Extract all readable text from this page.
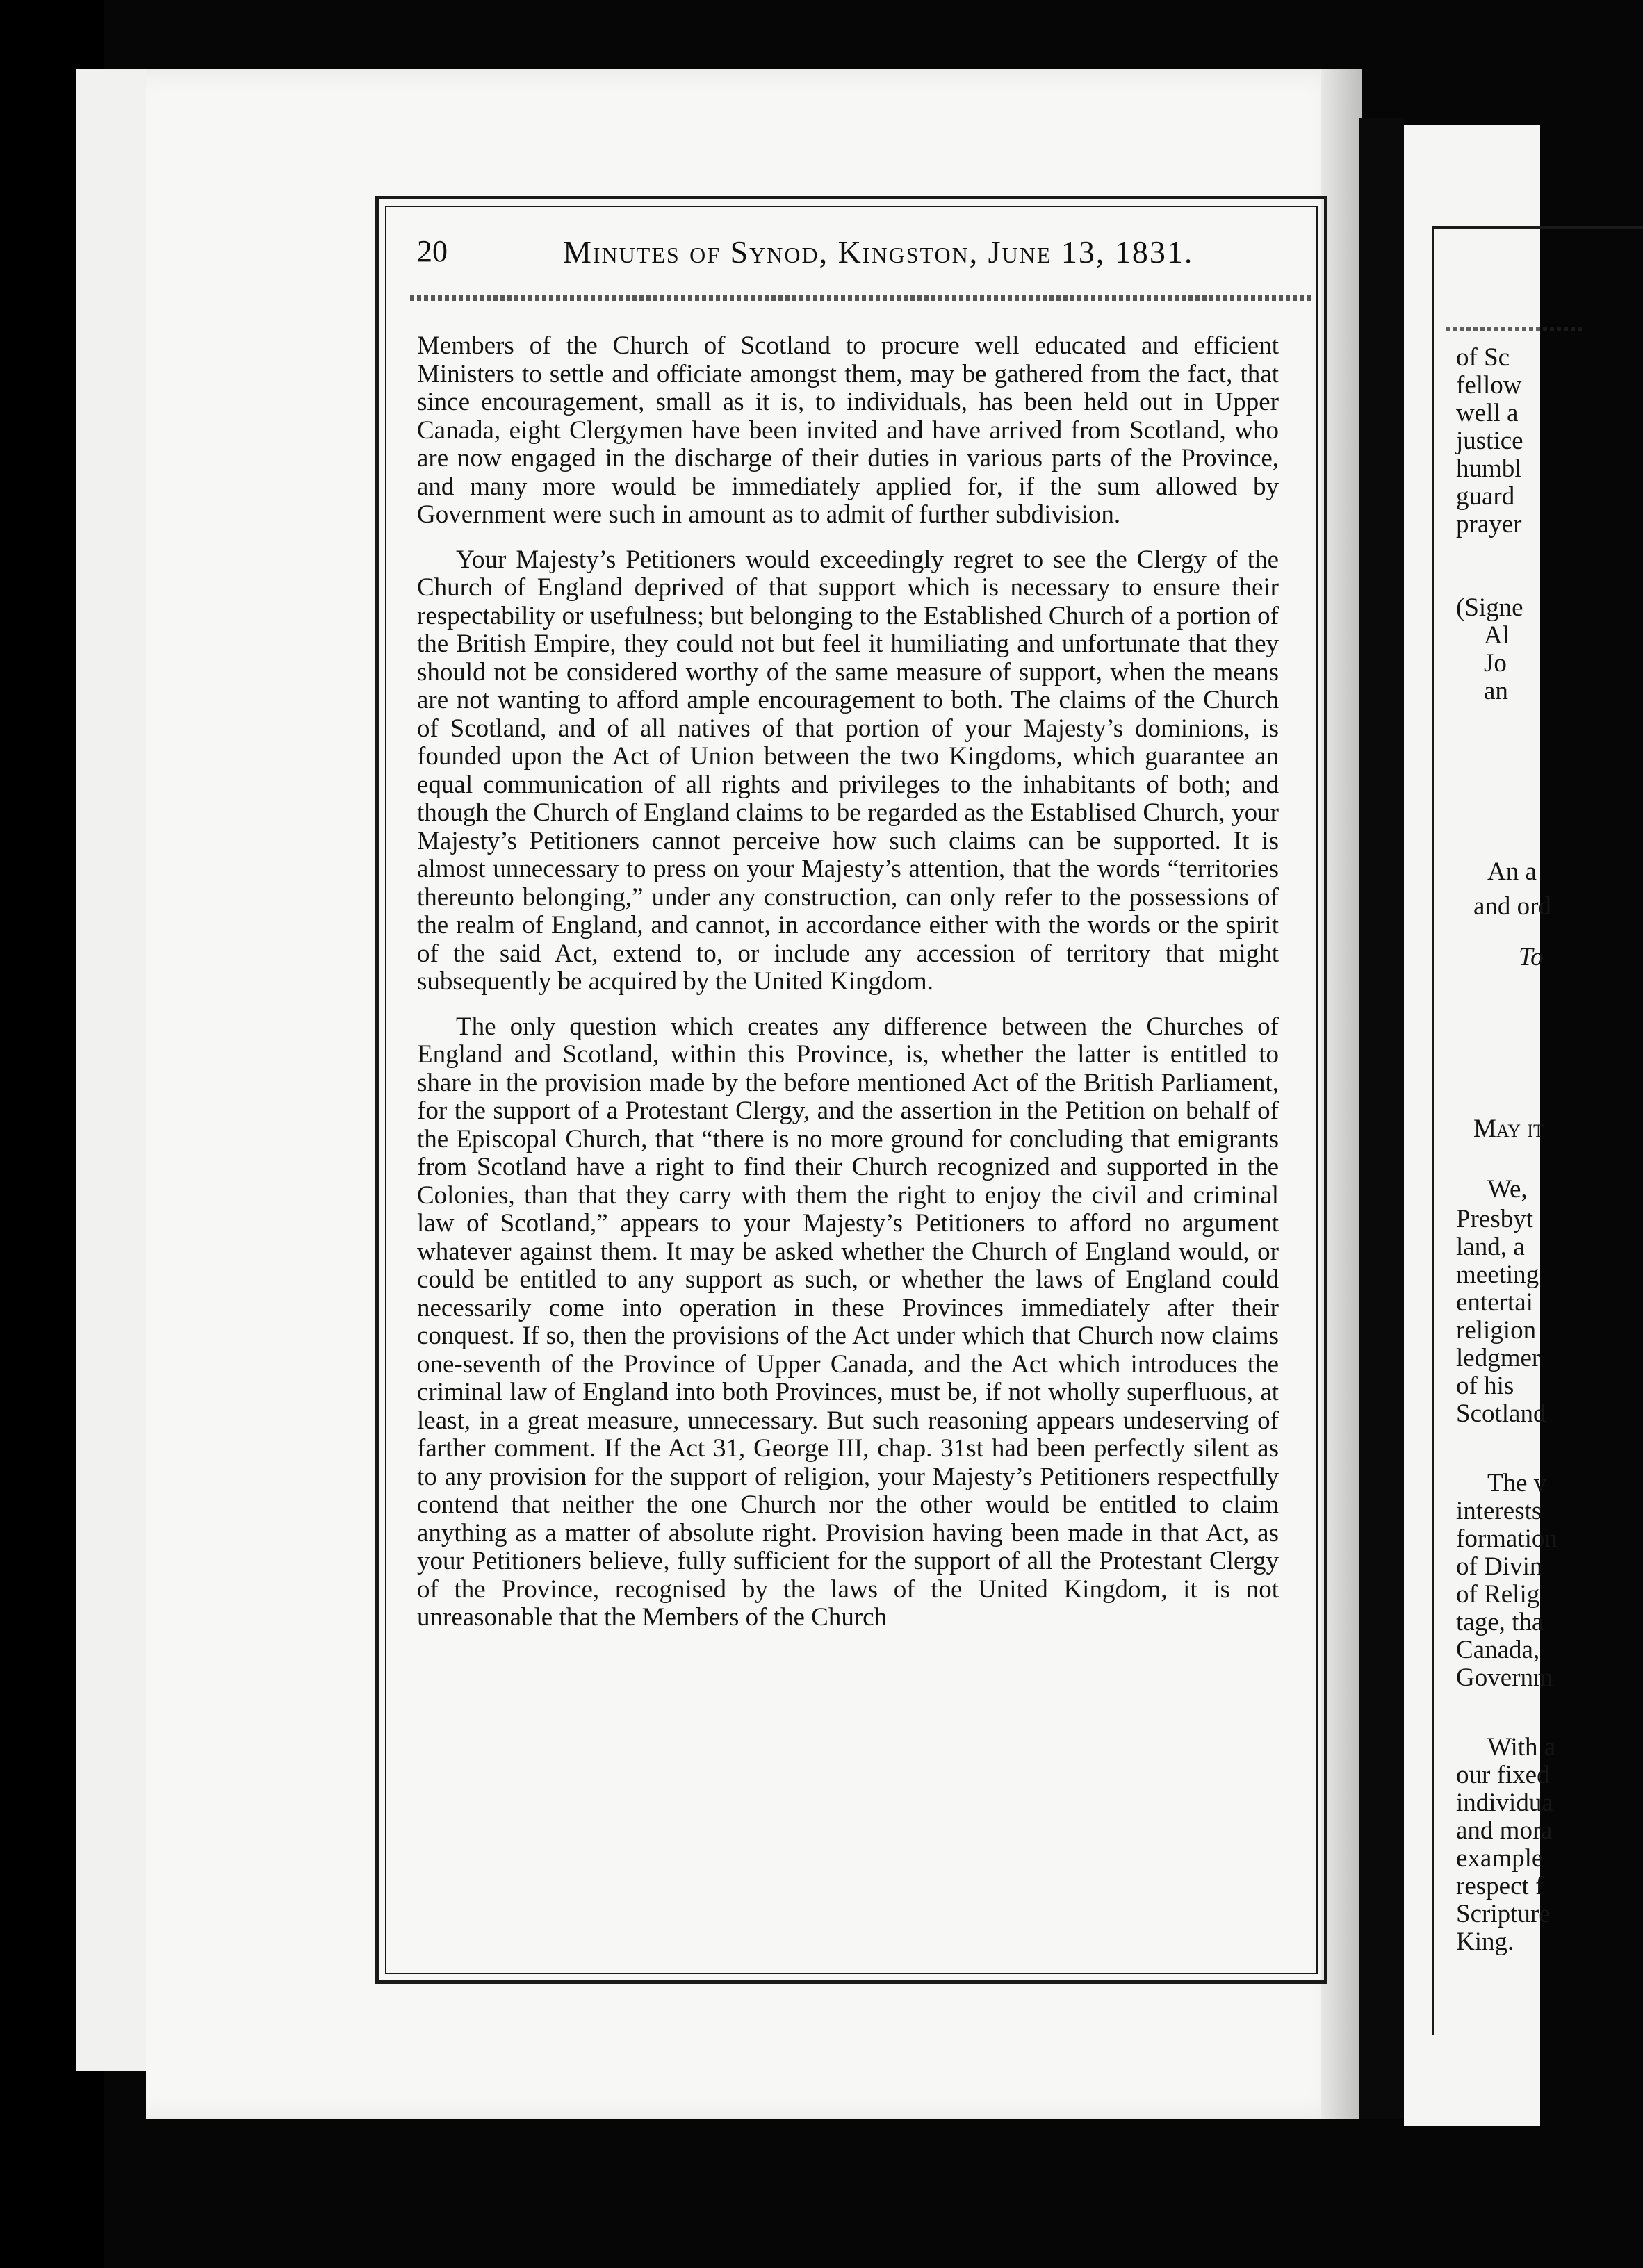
20	Minutes of Synod, Kingston, June 13, 1831.

Members of the Church of Scotland to procure well educated and efficient Ministers to settle and officiate amongst them, may be gathered from the fact, that since encouragement, small as it is, to individuals, has been held out in Upper Canada, eight Clergymen have been invited and have arrived from Scotland, who are now engaged in the discharge of their duties in various parts of the Province, and many more would be immediately applied for, if the sum allowed by Government were such in amount as to admit of further subdivision.

Your Majesty’s Petitioners would exceedingly regret to see the Clergy of the Church of England deprived of that support which is necessary to ensure their respectability or usefulness; but belonging to the Established Church of a portion of the British Empire, they could not but feel it humiliating and unfortunate that they should not be considered worthy of the same measure of support, when the means are not wanting to afford ample encouragement to both. The claims of the Church of Scotland, and of all natives of that portion of your Majesty’s dominions, is founded upon the Act of Union between the two Kingdoms, which guarantee an equal communication of all rights and privileges to the inhabitants of both; and though the Church of England claims to be regarded as the Establised Church, your Majesty’s Petitioners cannot perceive how such claims can be supported. It is almost unnecessary to press on your Majesty’s attention, that the words “territories thereunto belonging,” under any construction, can only refer to the possessions of the realm of England, and cannot, in accordance either with the words or the spirit of the said Act, extend to, or include any accession of territory that might subsequently be acquired by the United Kingdom.

The only question which creates any difference between the Churches of England and Scotland, within this Province, is, whether the latter is entitled to share in the provision made by the before mentioned Act of the British Parliament, for the support of a Protestant Clergy, and the assertion in the Petition on behalf of the Episcopal Church, that “there is no more ground for concluding that emigrants from Scotland have a right to find their Church recognized and supported in the Colonies, than that they carry with them the right to enjoy the civil and criminal law of Scotland,” appears to your Majesty’s Petitioners to afford no argument whatever against them. It may be asked whether the Church of England would, or could be entitled to any support as such, or whether the laws of England could necessarily come into operation in these Provinces immediately after their conquest. If so, then the provisions of the Act under which that Church now claims one-seventh of the Province of Upper Canada, and the Act which introduces the criminal law of England into both Provinces, must be, if not wholly superfluous, at least, in a great measure, unnecessary. But such reasoning appears undeserving of farther comment. If the Act 31, George III, chap. 31st had been perfectly silent as to any provision for the support of religion, your Majesty’s Petitioners respectfully contend that neither the one Church nor the other would be entitled to claim anything as a matter of absolute right. Provision having been made in that Act, as your Petitioners believe, fully sufficient for the support of all the Protestant Clergy of the Province, recognised by the laws of the United Kingdom, it is not unreasonable that the Members of the Church

of Sc
fellow
well a
justice
humbl
guard
prayer
(Signe
Al
Jo
an
An a
and ord
To
May it
We,
Presbyt
land, a
meeting
entertai
religion
ledgmer
of his
Scotland
The v
interests
formation
of Divin
of Relig
tage, tha
Canada,
Governm
With a
our fixed
individua
and mora
example
respect f
Scripture
King.
